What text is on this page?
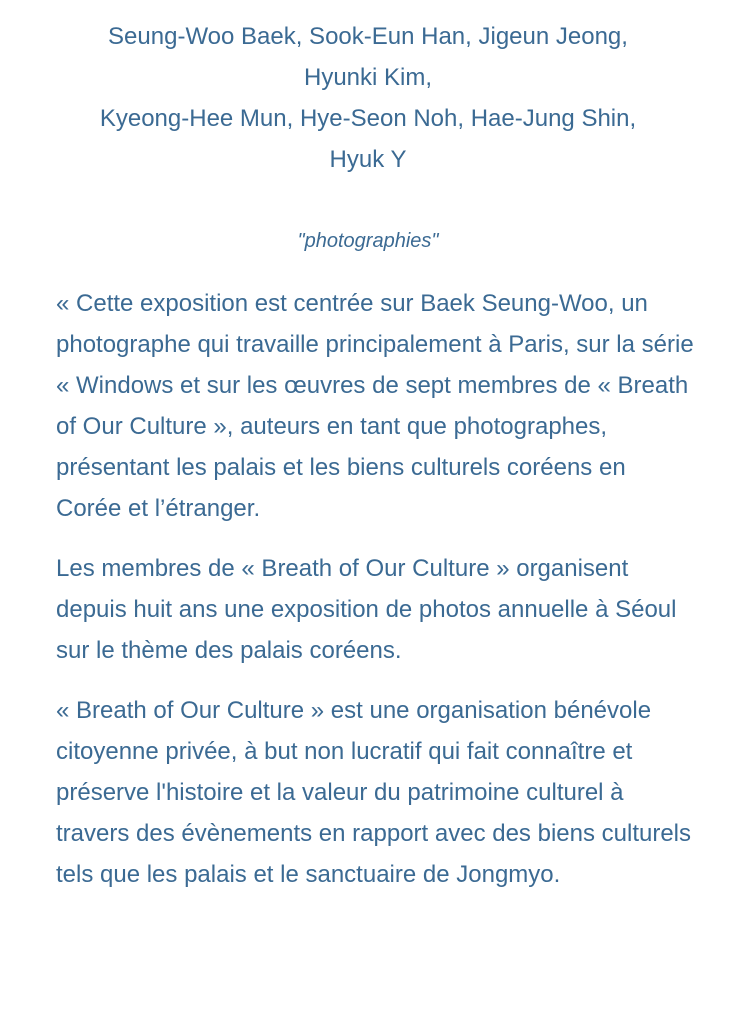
Seung-Woo Baek, Sook-Eun Han, Jigeun Jeong,
Hyunki Kim,
Kyeong-Hee Mun, Hye-Seon Noh, Hae-Jung Shin,
Hyuk Y
"photographies"

« Cette exposition est centrée sur Baek Seung-Woo, un photographe qui travaille principalement à Paris, sur la série « Windows et sur les œuvres de sept membres de « Breath of Our Culture », auteurs en tant que photographes, présentant les palais et les biens culturels coréens en Corée et l’étranger.

Les membres de « Breath of Our Culture » organisent depuis huit ans une exposition de photos annuelle à Séoul sur le thème des palais coréens.

« Breath of Our Culture » est une organisation bénévole citoyenne privée, à but non lucratif qui fait connaître et préserve l'histoire et la valeur du patrimoine culturel à travers des évènements en rapport avec des biens culturels tels que les palais et le sanctuaire de Jongmyo.
